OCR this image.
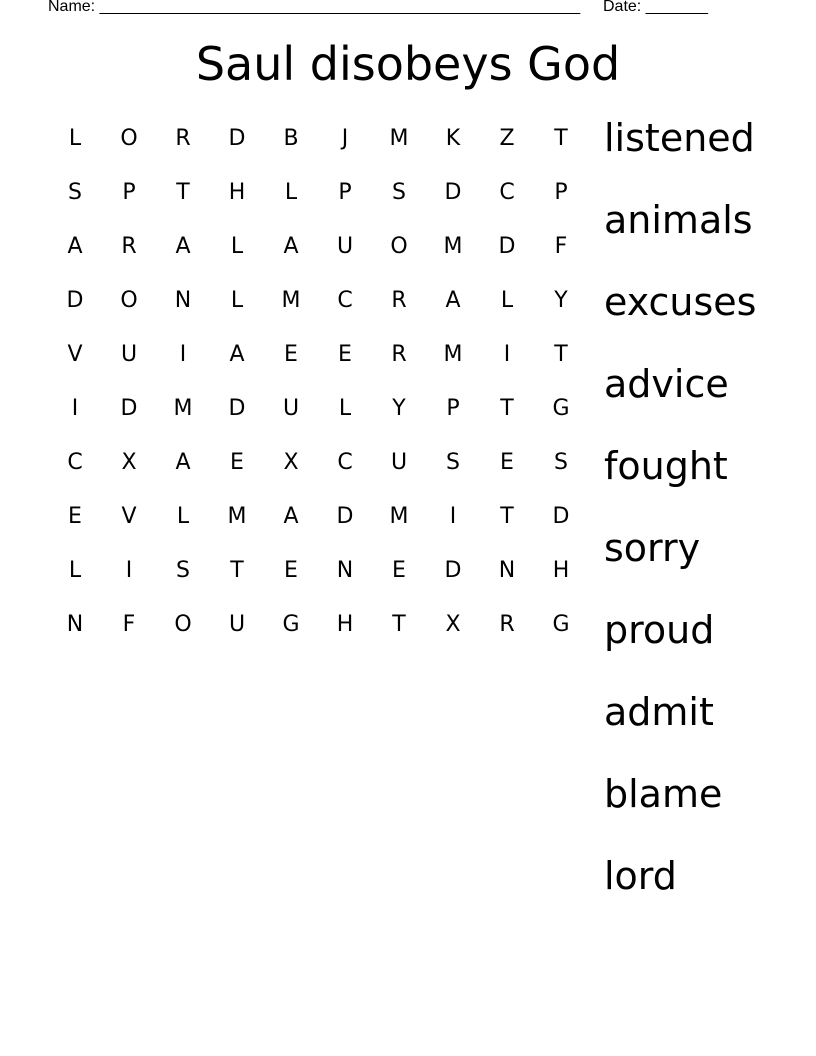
Name: ______________________________________________________ Date: _______
Saul disobeys God
L	O	R	D	B	J	M	K	Z	T
S	P	T	H	L	P	S	D	C	P
A	R	A	L	A	U	O	M	D	F
D	O	N	L	M	C	R	A	L	Y
V	U	I	A	E	E	R	M	I	T
I	D	M	D	U	L	Y	P	T	G
C	X	A	E	X	C	U	S	E	S
E	V	L	M	A	D	M	I	T	D
L	I	S	T	E	N	E	D	N	H
N	F	O	U	G	H	T	X	R	G
listened
animals
excuses
advice
fought
sorry
proud
admit
blame
lord
